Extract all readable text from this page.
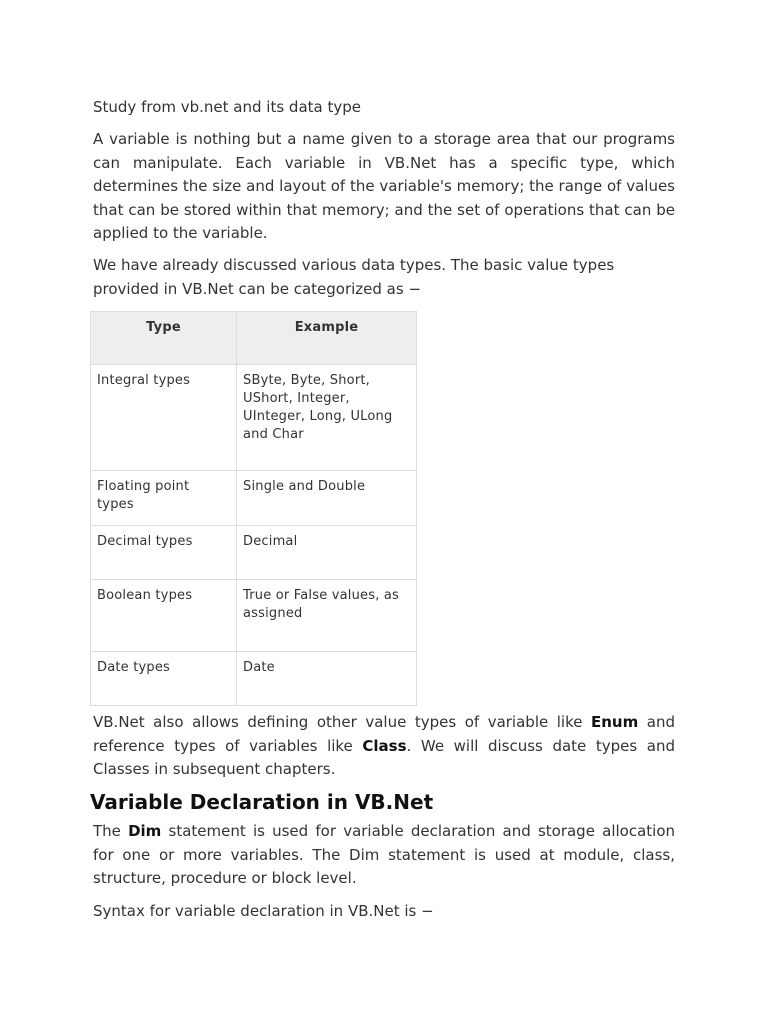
Study from vb.net and its data type

A variable is nothing but a name given to a storage area that our programs can manipulate. Each variable in VB.Net has a specific type, which determines the size and layout of the variable's memory; the range of values that can be stored within that memory; and the set of operations that can be applied to the variable.

We have already discussed various data types. The basic value types provided in VB.Net can be categorized as −

Type	Example
Integral types	SByte, Byte, Short, UShort, Integer, UInteger, Long, ULong and Char
Floating point types	Single and Double
Decimal types	Decimal
Boolean types	True or False values, as assigned
Date types	Date

VB.Net also allows defining other value types of variable like Enum and reference types of variables like Class. We will discuss date types and Classes in subsequent chapters.

Variable Declaration in VB.Net

The Dim statement is used for variable declaration and storage allocation for one or more variables. The Dim statement is used at module, class, structure, procedure or block level.

Syntax for variable declaration in VB.Net is −
